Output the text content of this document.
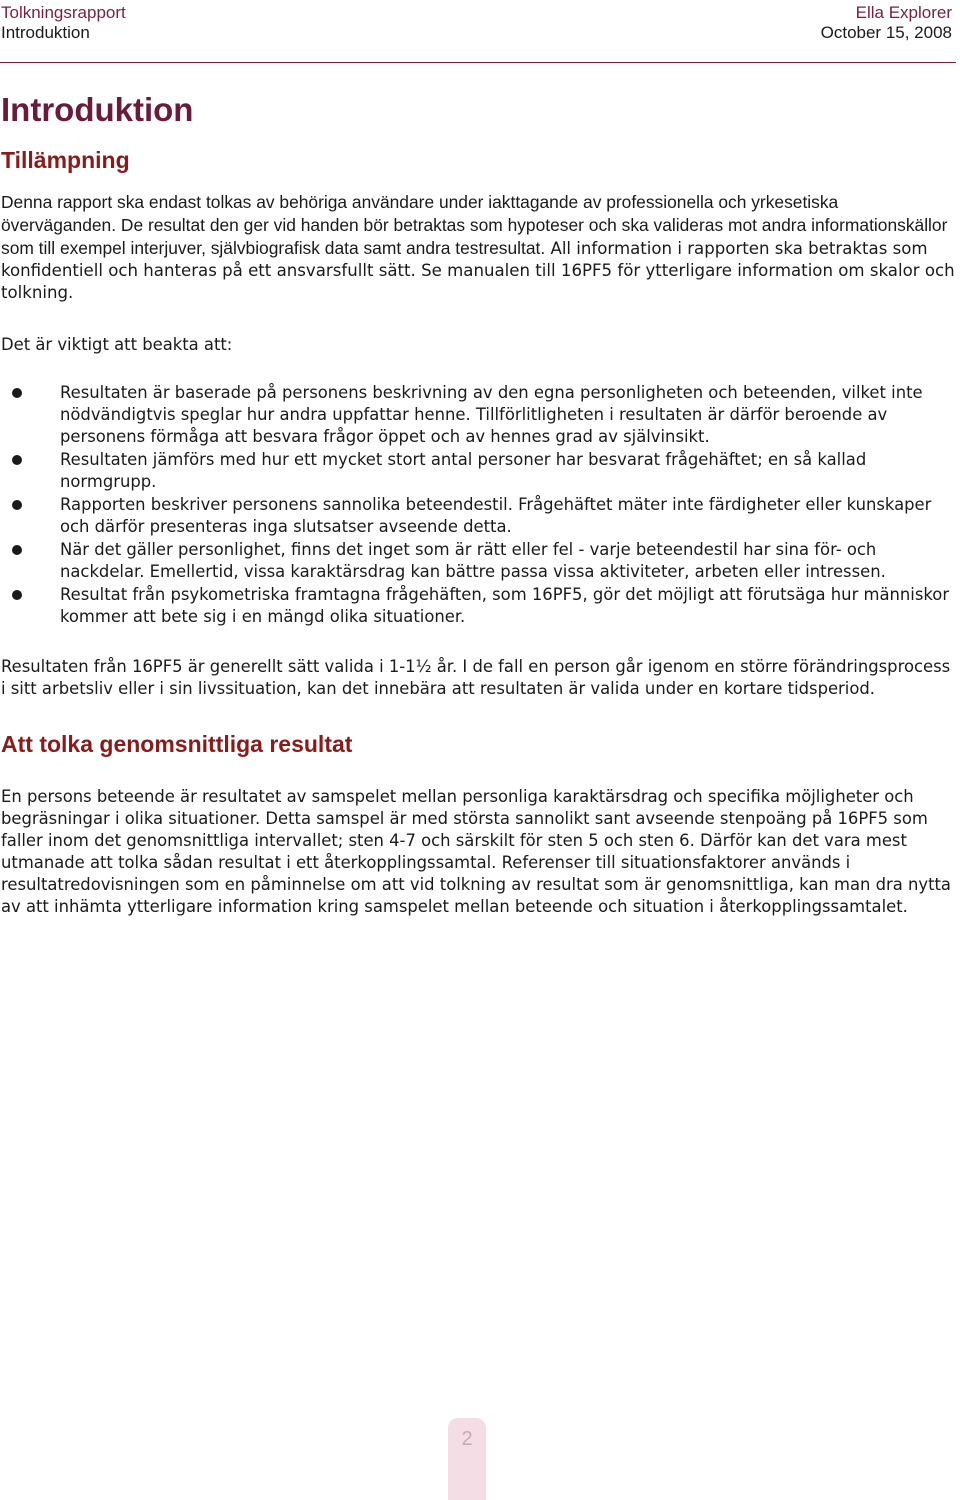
Tolkningsrapport	Ella Explorer
Introduktion	October 15, 2008
Introduktion
Tillämpning

Denna rapport ska endast tolkas av behöriga användare under iakttagande av professionella och yrkesetiska överväganden. De resultat den ger vid handen bör betraktas som hypoteser och ska valideras mot andra informationskällor som till exempel interjuver, självbiografisk data samt andra testresultat. All information i rapporten ska betraktas som konfidentiell och hanteras på ett ansvarsfullt sätt. Se manualen till 16PF5 för ytterligare information om skalor och tolkning.

Det är viktigt att beakta att:

Resultaten är baserade på personens beskrivning av den egna personligheten och beteenden, vilket inte nödvändigtvis speglar hur andra uppfattar henne. Tillförlitligheten i resultaten är därför beroende av personens förmåga att besvara frågor öppet och av hennes grad av självinsikt.
Resultaten jämförs med hur ett mycket stort antal personer har besvarat frågehäftet; en så kallad normgrupp.
Rapporten beskriver personens sannolika beteendestil. Frågehäftet mäter inte färdigheter eller kunskaper och därför presenteras inga slutsatser avseende detta.
När det gäller personlighet, finns det inget som är rätt eller fel - varje beteendestil har sina för- och nackdelar. Emellertid, vissa karaktärsdrag kan bättre passa vissa aktiviteter, arbeten eller intressen.
Resultat från psykometriska framtagna frågehäften, som 16PF5, gör det möjligt att förutsäga hur människor kommer att bete sig i en mängd olika situationer.

Resultaten från 16PF5 är generellt sätt valida i 1-1½ år. I de fall en person går igenom en större förändringsprocess i sitt arbetsliv eller i sin livssituation, kan det innebära att resultaten är valida under en kortare tidsperiod.

Att tolka genomsnittliga resultat

En persons beteende är resultatet av samspelet mellan personliga karaktärsdrag och specifika möjligheter och begräsningar i olika situationer. Detta samspel är med största sannolikt sant avseende stenpoäng på 16PF5 som faller inom det genomsnittliga intervallet; sten 4-7 och särskilt för sten 5 och sten 6. Därför kan det vara mest utmanade att tolka sådan resultat i ett återkopplingssamtal. Referenser till situationsfaktorer används i resultatredovisningen som en påminnelse om att vid tolkning av resultat som är genomsnittliga, kan man dra nytta av att inhämta ytterligare information kring samspelet mellan beteende och situation i återkopplingssamtalet.

2
